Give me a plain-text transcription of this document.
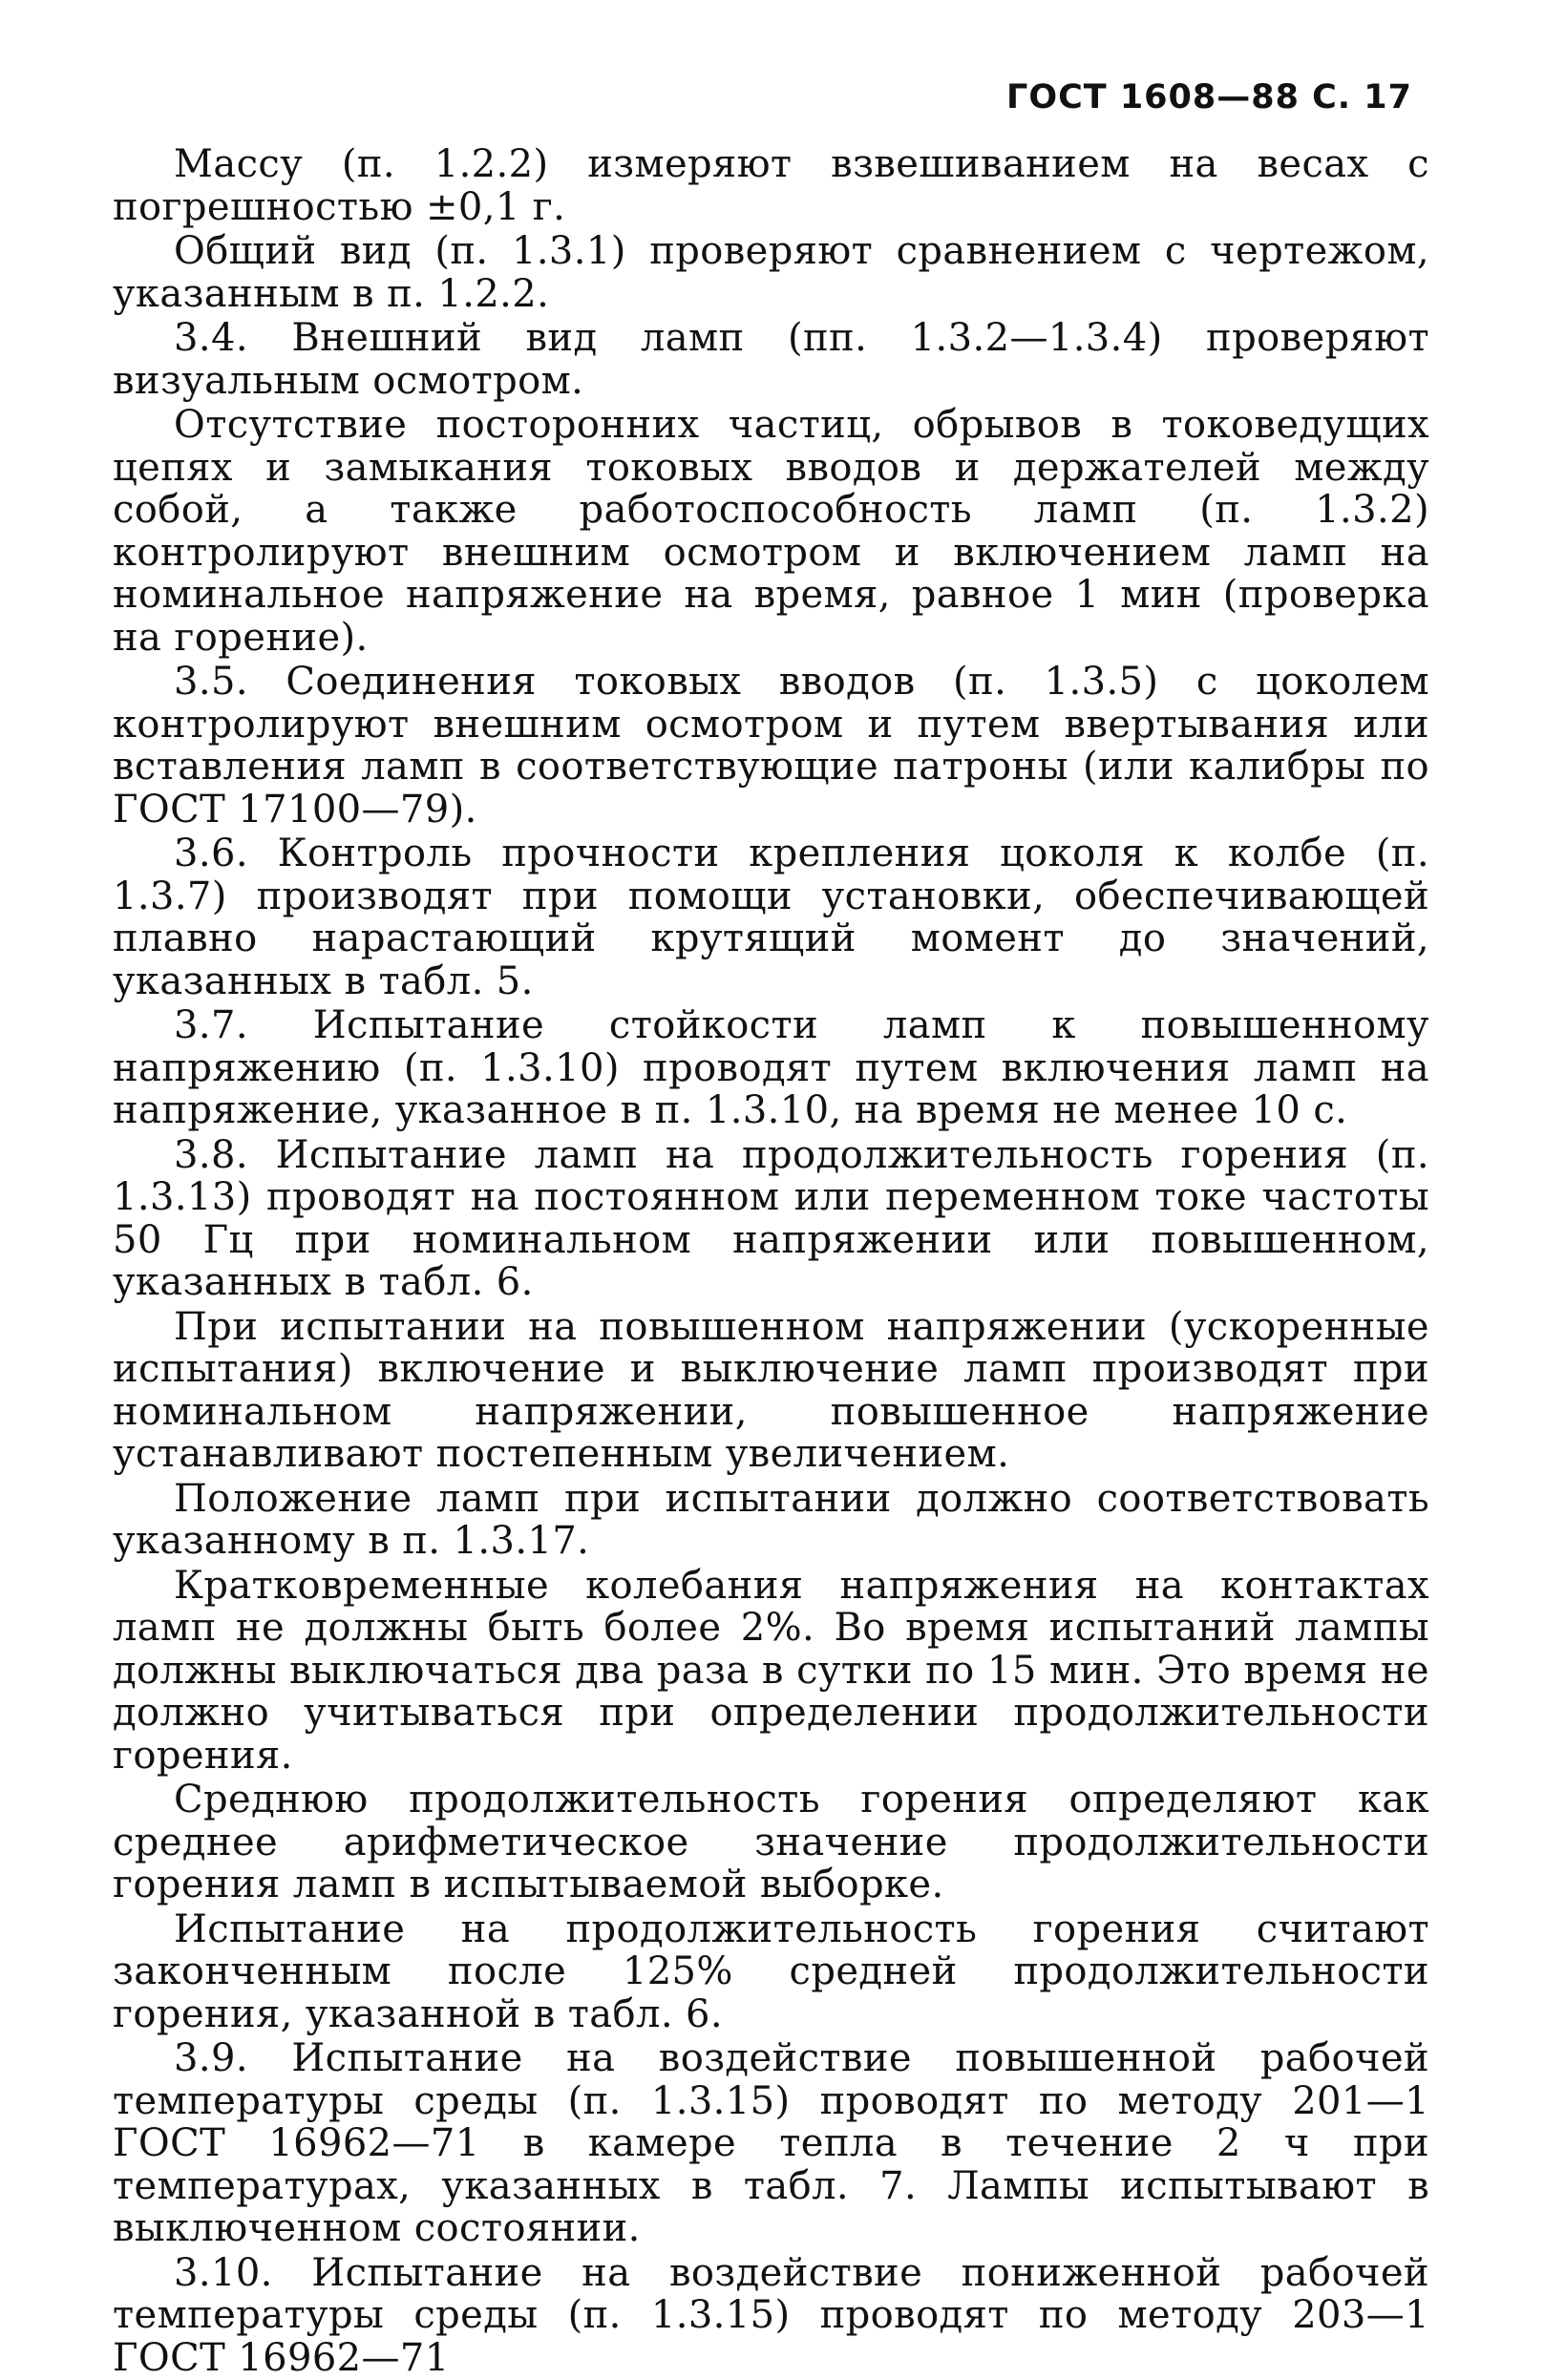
ГОСТ 1608—88 С. 17

Массу (п. 1.2.2) измеряют взвешиванием на весах с погрешностью ±0,1 г.

Общий вид (п. 1.3.1) проверяют сравнением с чертежом, указанным в п. 1.2.2.

3.4. Внешний вид ламп (пп. 1.3.2—1.3.4) проверяют визуальным осмотром.

Отсутствие посторонних частиц, обрывов в токоведущих цепях и замыкания токовых вводов и держателей между собой, а также работоспособность ламп (п. 1.3.2) контролируют внешним осмотром и включением ламп на номинальное напряжение на время, равное 1 мин (проверка на горение).

3.5. Соединения токовых вводов (п. 1.3.5) с цоколем контролируют внешним осмотром и путем ввертывания или вставления ламп в соответствующие патроны (или калибры по ГОСТ 17100—79).

3.6. Контроль прочности крепления цоколя к колбе (п. 1.3.7) производят при помощи установки, обеспечивающей плавно нарастающий крутящий момент до значений, указанных в табл. 5.

3.7. Испытание стойкости ламп к повышенному напряжению (п. 1.3.10) проводят путем включения ламп на напряжение, указанное в п. 1.3.10, на время не менее 10 с.

3.8. Испытание ламп на продолжительность горения (п. 1.3.13) проводят на постоянном или переменном токе частоты 50 Гц при номинальном напряжении или повышенном, указанных в табл. 6.

При испытании на повышенном напряжении (ускоренные испытания) включение и выключение ламп производят при номинальном напряжении, повышенное напряжение устанавливают постепенным увеличением.

Положение ламп при испытании должно соответствовать указанному в п. 1.3.17.

Кратковременные колебания напряжения на контактах ламп не должны быть более 2%. Во время испытаний лампы должны выключаться два раза в сутки по 15 мин. Это время не должно учитываться при определении продолжительности горения.

Среднюю продолжительность горения определяют как среднее арифметическое значение продолжительности горения ламп в испытываемой выборке.

Испытание на продолжительность горения считают законченным после 125% средней продолжительности горения, указанной в табл. 6.

3.9. Испытание на воздействие повышенной рабочей температуры среды (п. 1.3.15) проводят по методу 201—1 ГОСТ 16962—71 в камере тепла в течение 2 ч при температурах, указанных в табл. 7. Лампы испытывают в выключенном состоянии.

3.10. Испытание на воздействие пониженной рабочей температуры среды (п. 1.3.15) проводят по методу 203—1 ГОСТ 16962—71
